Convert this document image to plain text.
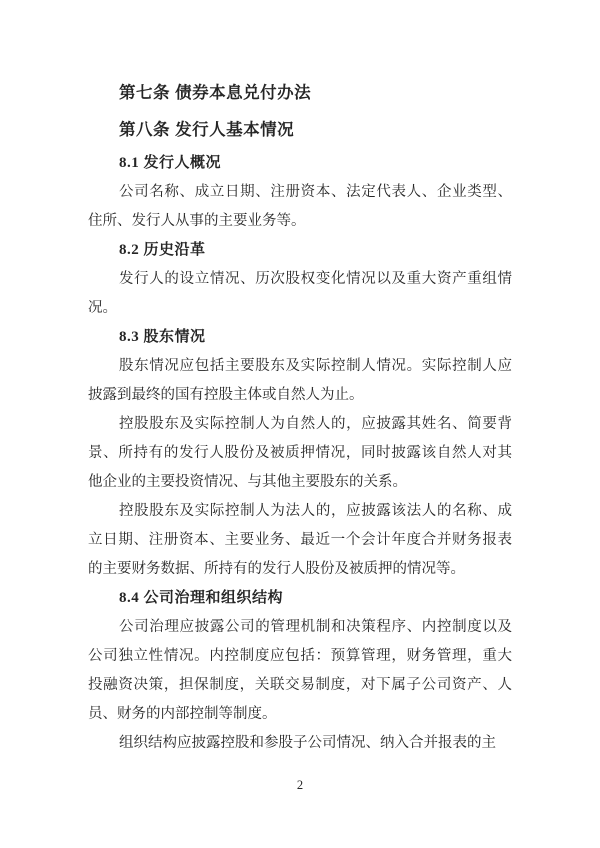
第七条 债券本息兑付办法
第八条 发行人基本情况
8.1 发行人概况
公司名称、成立日期、注册资本、法定代表人、企业类型、
住所、发行人从事的主要业务等。
8.2 历史沿革
发行人的设立情况、历次股权变化情况以及重大资产重组情
况。
8.3 股东情况
股东情况应包括主要股东及实际控制人情况。实际控制人应
披露到最终的国有控股主体或自然人为止。
控股股东及实际控制人为自然人的，应披露其姓名、简要背
景、所持有的发行人股份及被质押情况，同时披露该自然人对其
他企业的主要投资情况、与其他主要股东的关系。
控股股东及实际控制人为法人的，应披露该法人的名称、成
立日期、注册资本、主要业务、最近一个会计年度合并财务报表
的主要财务数据、所持有的发行人股份及被质押的情况等。
8.4 公司治理和组织结构
公司治理应披露公司的管理机制和决策程序、内控制度以及
公司独立性情况。内控制度应包括：预算管理，财务管理，重大
投融资决策，担保制度，关联交易制度，对下属子公司资产、人
员、财务的内部控制等制度。
组织结构应披露控股和参股子公司情况、纳入合并报表的主
2
